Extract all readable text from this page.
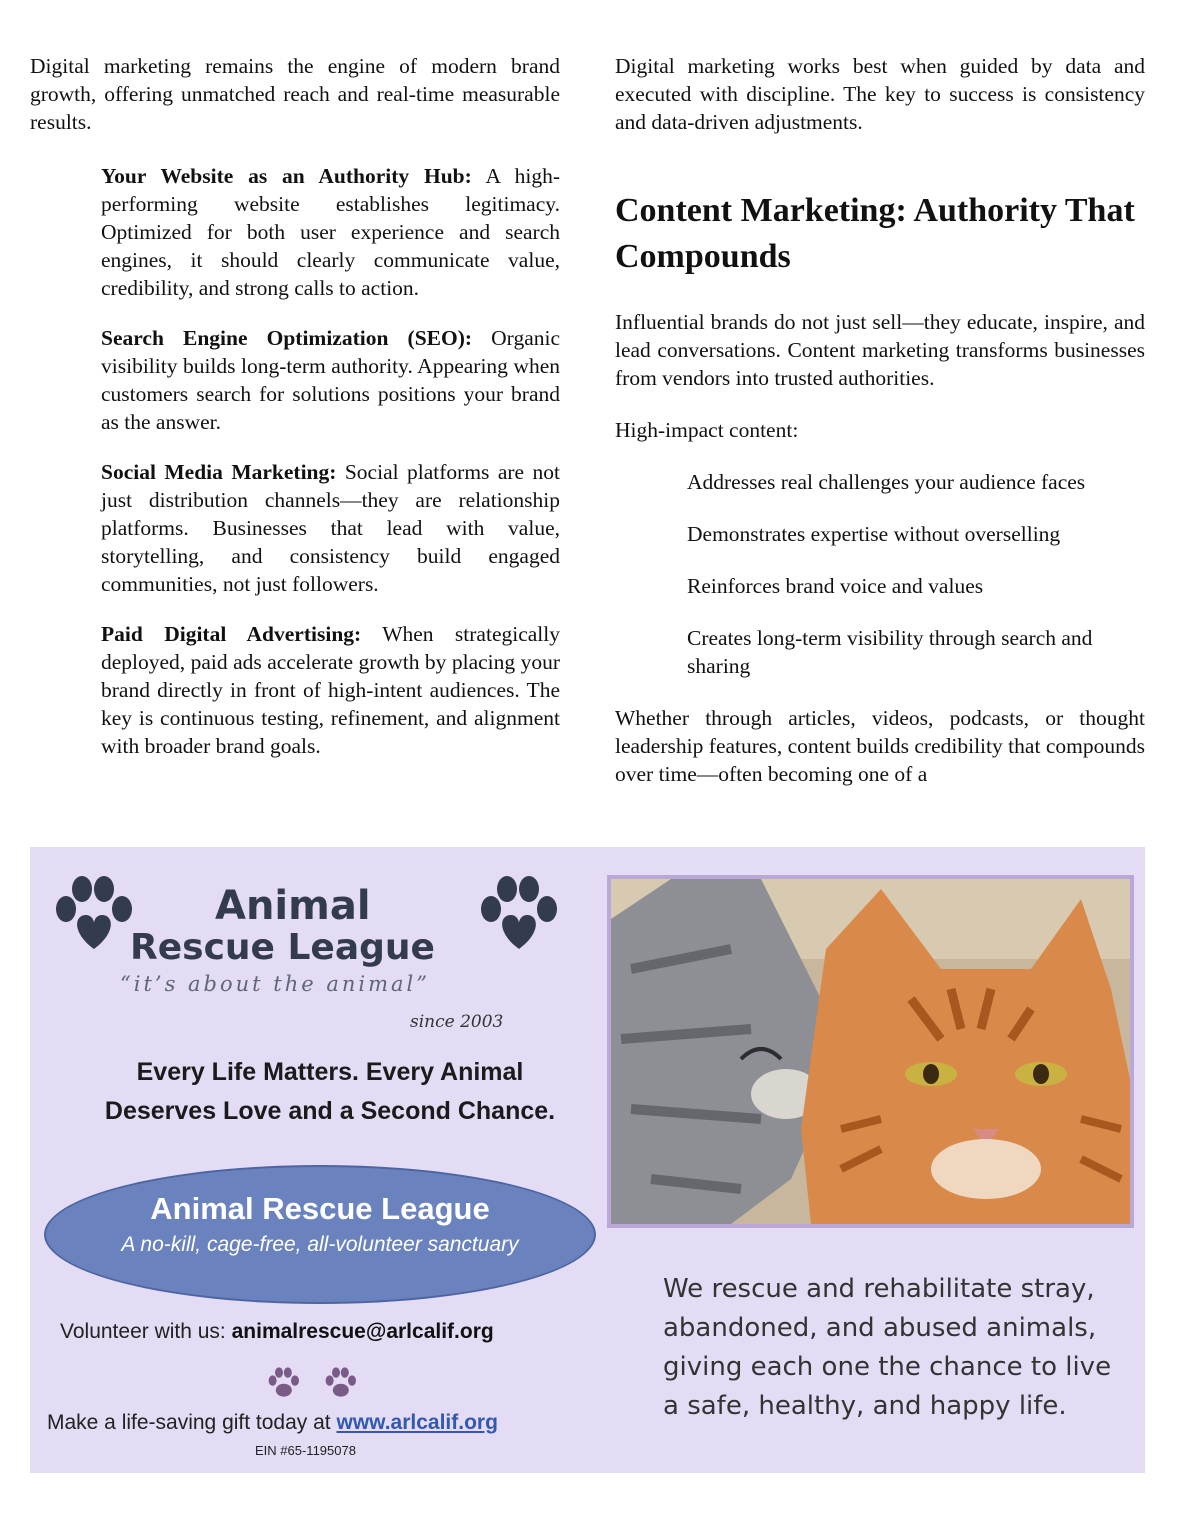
Digital marketing remains the engine of modern brand growth, offering unmatched reach and real-time measurable results.

Your Website as an Authority Hub: A high-performing website establishes legitimacy. Optimized for both user experience and search engines, it should clearly communicate value, credibility, and strong calls to action.

Search Engine Optimization (SEO): Organic visibility builds long-term authority. Appearing when customers search for solutions positions your brand as the answer.

Social Media Marketing: Social platforms are not just distribution channels—they are relationship platforms. Businesses that lead with value, storytelling, and consistency build engaged communities, not just followers.

Paid Digital Advertising: When strategically deployed, paid ads accelerate growth by placing your brand directly in front of high-intent audiences. The key is continuous testing, refinement, and alignment with broader brand goals.

Digital marketing works best when guided by data and executed with discipline. The key to success is consistency and data-driven adjustments.

Content Marketing: Authority That Compounds

Influential brands do not just sell—they educate, inspire, and lead conversations. Content marketing transforms businesses from vendors into trusted authorities.

High-impact content:

Addresses real challenges your audience faces

Demonstrates expertise without overselling

Reinforces brand voice and values

Creates long-term visibility through search and sharing

Whether through articles, videos, podcasts, or thought leadership features, content builds credibility that compounds over time—often becoming one of a

Animal
Rescue League
“it’s about the animal”
since 2003
Every Life Matters. Every Animal
Deserves Love and a Second Chance.
Animal Rescue League
A no-kill, cage-free, all-volunteer sanctuary
Volunteer with us: animalrescue@arlcalif.org
Make a life-saving gift today at www.arlcalif.org
EIN #65-1195078
We rescue and rehabilitate stray, abandoned, and abused animals, giving each one the chance to live a safe, healthy, and happy life.
